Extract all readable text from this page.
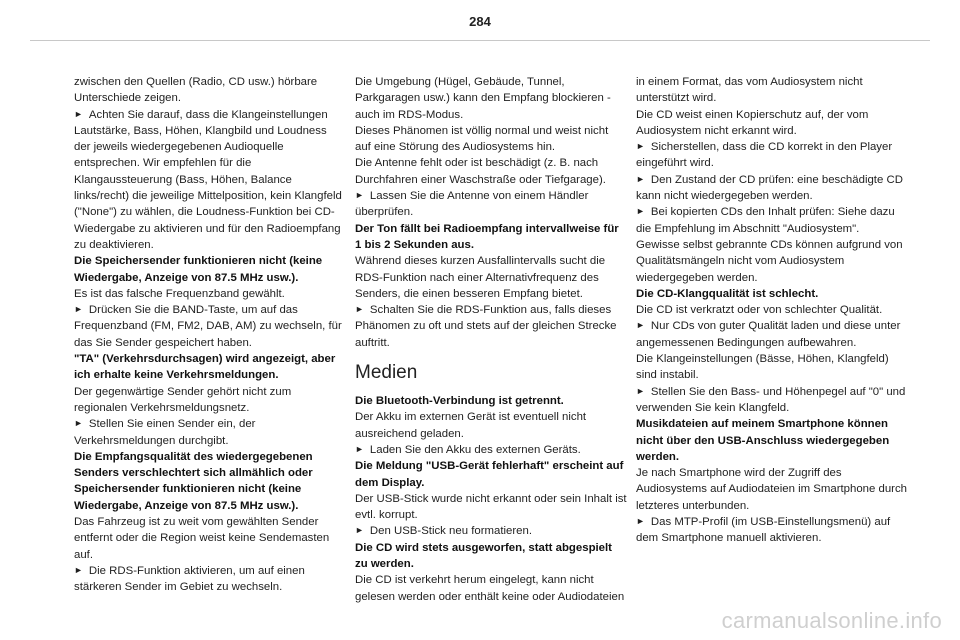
284

zwischen den Quellen (Radio, CD usw.) hörbare Unterschiede zeigen.

► Achten Sie darauf, dass die Klangeinstellungen Lautstärke, Bass, Höhen, Klangbild und Loudness der jeweils wiedergegebenen Audioquelle entsprechen. Wir empfehlen für die Klangaussteuerung (Bass, Höhen, Balance links/recht) die jeweilige Mittelposition, kein Klangfeld ("None") zu wählen, die Loudness-Funktion bei CD-Wiedergabe zu aktivieren und für den Radioempfang zu deaktivieren.

Die Speichersender funktionieren nicht (keine Wiedergabe, Anzeige von 87.5 MHz usw.).

Es ist das falsche Frequenzband gewählt.

► Drücken Sie die BAND-Taste, um auf das Frequenzband (FM, FM2, DAB, AM) zu wechseln, für das Sie Sender gespeichert haben.

"TA" (Verkehrsdurchsagen) wird angezeigt, aber ich erhalte keine Verkehrsmeldungen.

Der gegenwärtige Sender gehört nicht zum regionalen Verkehrsmeldungsnetz.

► Stellen Sie einen Sender ein, der Verkehrsmeldungen durchgibt.

Die Empfangsqualität des wiedergegebenen Senders verschlechtert sich allmählich oder Speichersender funktionieren nicht (keine Wiedergabe, Anzeige von 87.5 MHz usw.).

Das Fahrzeug ist zu weit vom gewählten Sender entfernt oder die Region weist keine Sendemasten auf.

► Die RDS-Funktion aktivieren, um auf einen stärkeren Sender im Gebiet zu wechseln.

Die Umgebung (Hügel, Gebäude, Tunnel, Parkgaragen usw.) kann den Empfang blockieren - auch im RDS-Modus.

Dieses Phänomen ist völlig normal und weist nicht auf eine Störung des Audiosystems hin.

Die Antenne fehlt oder ist beschädigt (z. B. nach Durchfahren einer Waschstraße oder Tiefgarage).

► Lassen Sie die Antenne von einem Händler überprüfen.

Der Ton fällt bei Radioempfang intervallweise für 1 bis 2 Sekunden aus.

Während dieses kurzen Ausfallintervalls sucht die RDS-Funktion nach einer Alternativfrequenz des Senders, die einen besseren Empfang bietet.

► Schalten Sie die RDS-Funktion aus, falls dieses Phänomen zu oft und stets auf der gleichen Strecke auftritt.

Medien

Die Bluetooth-Verbindung ist getrennt.

Der Akku im externen Gerät ist eventuell nicht ausreichend geladen.

► Laden Sie den Akku des externen Geräts.

Die Meldung "USB-Gerät fehlerhaft" erscheint auf dem Display.

Der USB-Stick wurde nicht erkannt oder sein Inhalt ist evtl. korrupt.

► Den USB-Stick neu formatieren.

Die CD wird stets ausgeworfen, statt abgespielt zu werden.

Die CD ist verkehrt herum eingelegt, kann nicht gelesen werden oder enthält keine oder Audiodateien

in einem Format, das vom Audiosystem nicht unterstützt wird.

Die CD weist einen Kopierschutz auf, der vom Audiosystem nicht erkannt wird.

► Sicherstellen, dass die CD korrekt in den Player eingeführt wird.

► Den Zustand der CD prüfen: eine beschädigte CD kann nicht wiedergegeben werden.

► Bei kopierten CDs den Inhalt prüfen: Siehe dazu die Empfehlung im Abschnitt "Audiosystem".

Gewisse selbst gebrannte CDs können aufgrund von Qualitätsmängeln nicht vom Audiosystem wiedergegeben werden.

Die CD-Klangqualität ist schlecht.

Die CD ist verkratzt oder von schlechter Qualität.

► Nur CDs von guter Qualität laden und diese unter angemessenen Bedingungen aufbewahren.

Die Klangeinstellungen (Bässe, Höhen, Klangfeld) sind instabil.

► Stellen Sie den Bass- und Höhenpegel auf "0" und verwenden Sie kein Klangfeld.

Musikdateien auf meinem Smartphone können nicht über den USB-Anschluss wiedergegeben werden.

Je nach Smartphone wird der Zugriff des Audiosystems auf Audiodateien im Smartphone durch letzteres unterbunden.

► Das MTP-Profil (im USB-Einstellungsmenü) auf dem Smartphone manuell aktivieren.

carmanualsonline.info
